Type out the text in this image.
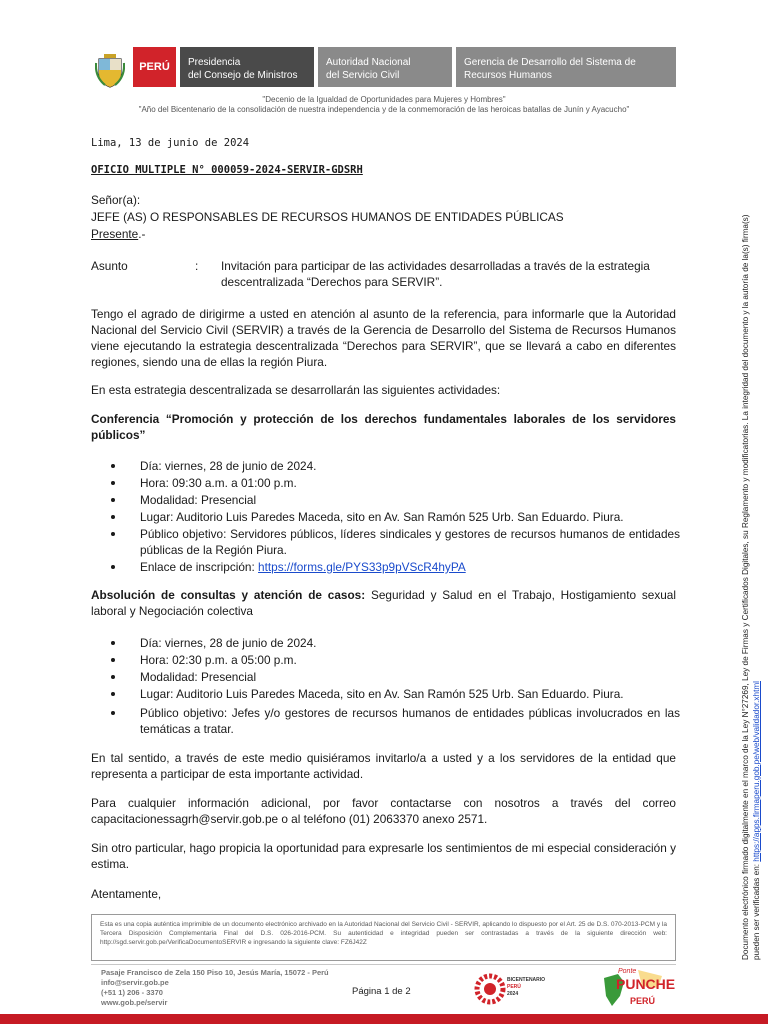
PERÚ Presidencia
del Consejo de Ministros
Autoridad Nacional
del Servicio Civil
Gerencia de Desarrollo del Sistema de
Recursos Humanos
"Decenio de la Igualdad de Oportunidades para Mujeres y Hombres"
"Año del Bicentenario de la consolidación de nuestra independencia y de la conmemoración de las heroicas batallas de Junín y Ayacucho"
Lima, 13 de junio de 2024
OFICIO MULTIPLE N° 000059-2024-SERVIR-GDSRH
Señor(a):
JEFE (AS) O RESPONSABLES DE RECURSOS HUMANOS DE ENTIDADES PÚBLICAS
Presente.-
Asunto	: Invitación para participar de las actividades desarrolladas a través de la estrategia
descentralizada “Derechos para SERVIR”.
Tengo el agrado de dirigirme a usted en atención al asunto de la referencia, para informarle que la Autoridad Nacional del Servicio Civil (SERVIR) a través de la Gerencia de Desarrollo del Sistema de Recursos Humanos viene ejecutando la estrategia descentralizada “Derechos para SERVIR”, que se llevará a cabo en diferentes regiones, siendo una de ellas la región Piura.
En esta estrategia descentralizada se desarrollarán las siguientes actividades:
Conferencia “Promoción y protección de los derechos fundamentales laborales de los servidores públicos”
Día: viernes, 28 de junio de 2024.
Hora: 09:30 a.m. a 01:00 p.m.
Modalidad: Presencial
Lugar: Auditorio Luis Paredes Maceda, sito en Av. San Ramón 525 Urb. San Eduardo. Piura.
Público objetivo: Servidores públicos, líderes sindicales y gestores de recursos humanos de entidades públicas de la Región Piura.
Enlace de inscripción: https://forms.gle/PYS33p9pVScR4hyPA
Absolución de consultas y atención de casos: Seguridad y Salud en el Trabajo, Hostigamiento sexual laboral y Negociación colectiva
Día: viernes, 28 de junio de 2024.
Hora: 02:30 p.m. a 05:00 p.m.
Modalidad: Presencial
Lugar: Auditorio Luis Paredes Maceda, sito en Av. San Ramón 525 Urb. San Eduardo. Piura.
Público objetivo: Jefes y/o gestores de recursos humanos de entidades públicas involucrados en las temáticas a tratar.
En tal sentido, a través de este medio quisiéramos invitarlo/a a usted y a los servidores de la entidad que representa a participar de esta importante actividad.
Para cualquier información adicional, por favor contactarse con nosotros a través del correo capacitacionessagrh@servir.gob.pe o al teléfono (01) 2063370 anexo 2571.
Sin otro particular, hago propicia la oportunidad para expresarle los sentimientos de mi especial consideración y estima.
Atentamente,
Esta es una copia auténtica imprimible de un documento electrónico archivado en la Autoridad Nacional del Servicio Civil - SERVIR, aplicando lo dispuesto por el Art. 25 de D.S. 070-2013-PCM y la Tercera Disposición Complementaria Final del D.S. 026-2016-PCM. Su autenticidad e integridad pueden ser contrastadas a través de la siguiente dirección web: http://sgd.servir.gob.pe/VerificaDocumentoSERVIR e ingresando la siguiente clave: FZ6J42Z
Pasaje Francisco de Zela 150 Piso 10, Jesús María, 15072 - Perú
info@servir.gob.pe
(+51 1) 206 - 3370
www.gob.pe/servir
Página 1 de 2
BICENTENARIO
PERÚ
2024
Ponte
PUNCHE
PERÚ
Documento electrónico firmado digitalmente en el marco de la Ley N°27269, Ley de Firmas y Certificados Digitales, su Reglamento y modificatorias. La integridad del documento y la autoría de la(s) firma(s) pueden ser verificadas en: https://apps.firmaperu.gob.pe/web/validador.xhtml
